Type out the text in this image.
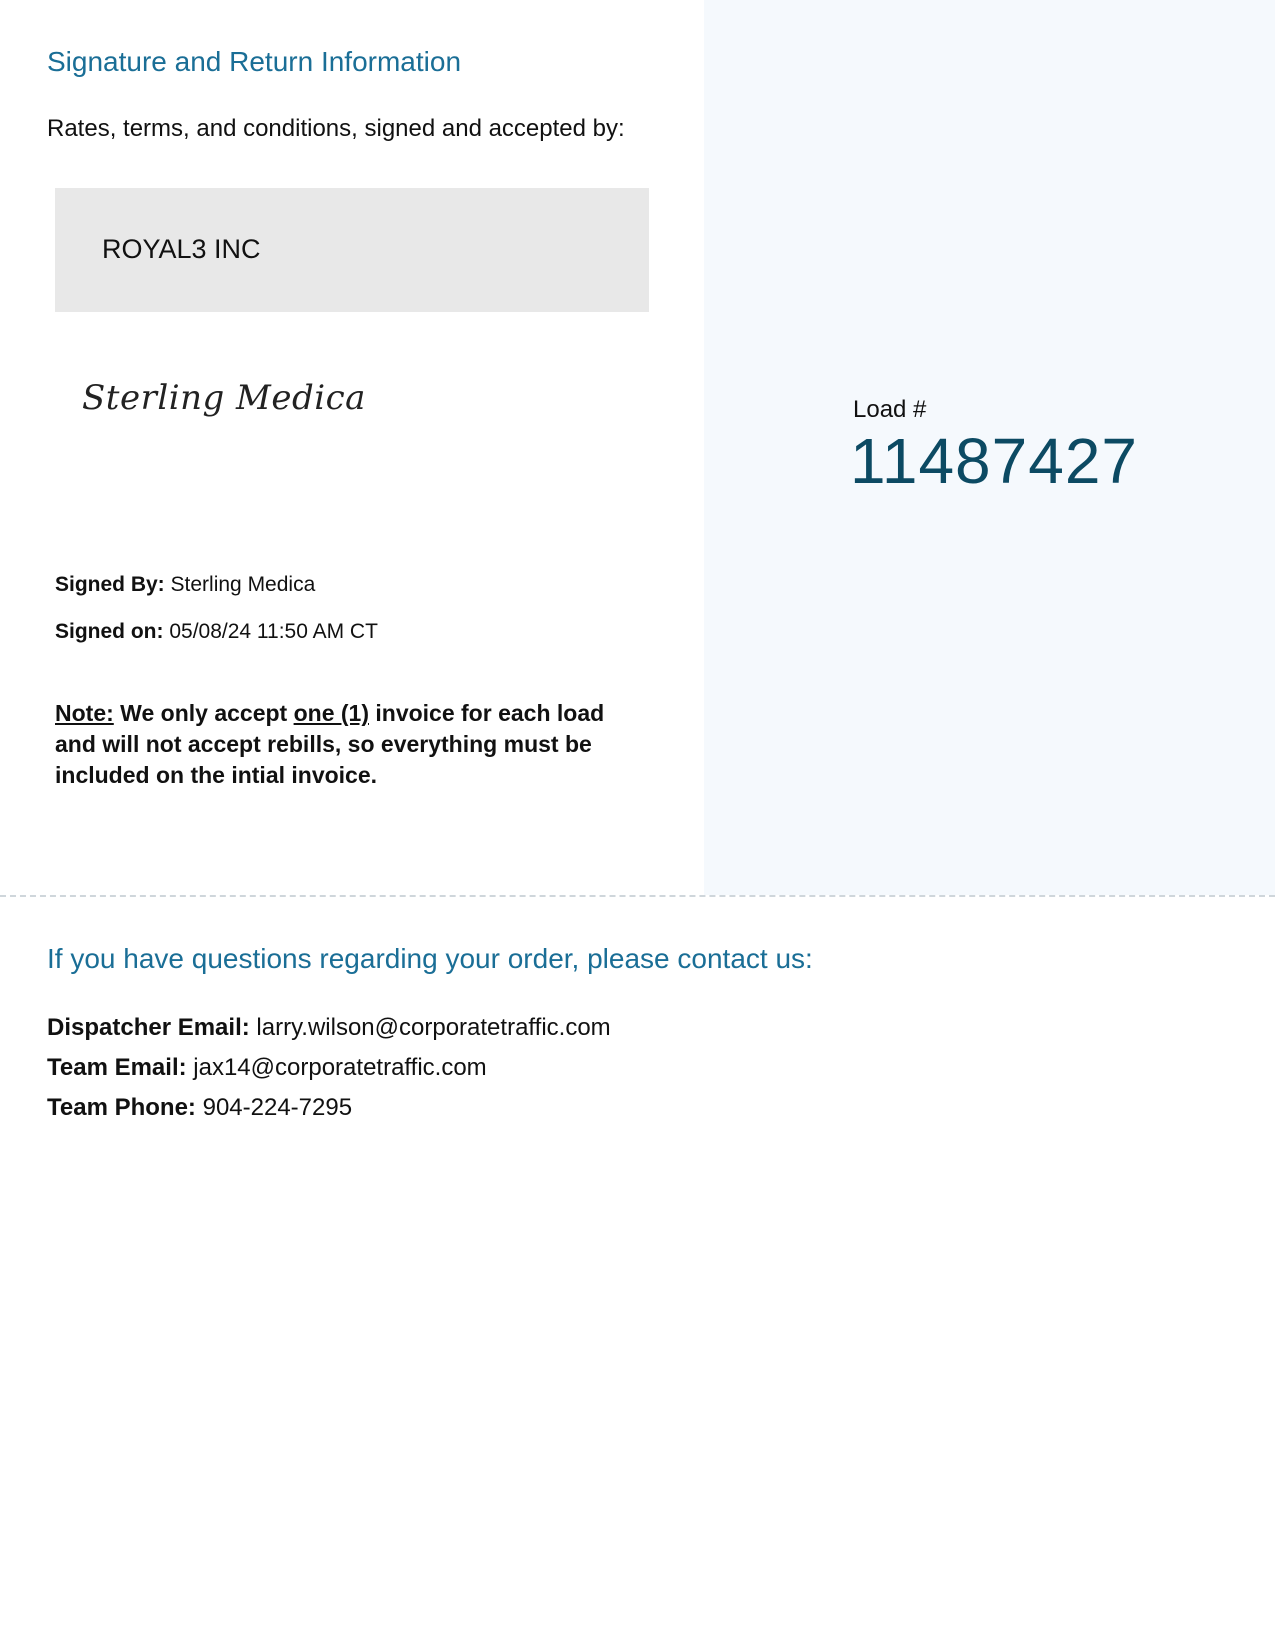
Signature and Return Information
Rates, terms, and conditions, signed and accepted by:
ROYAL3 INC
Sterling Medica
Signed By: Sterling Medica
Signed on: 05/08/24 11:50 AM CT
Note: We only accept one (1) invoice for each load and will not accept rebills, so everything must be included on the intial invoice.
Load #
11487427
If you have questions regarding your order, please contact us:
Dispatcher Email: larry.wilson@corporatetraffic.com
Team Email: jax14@corporatetraffic.com
Team Phone: 904-224-7295
